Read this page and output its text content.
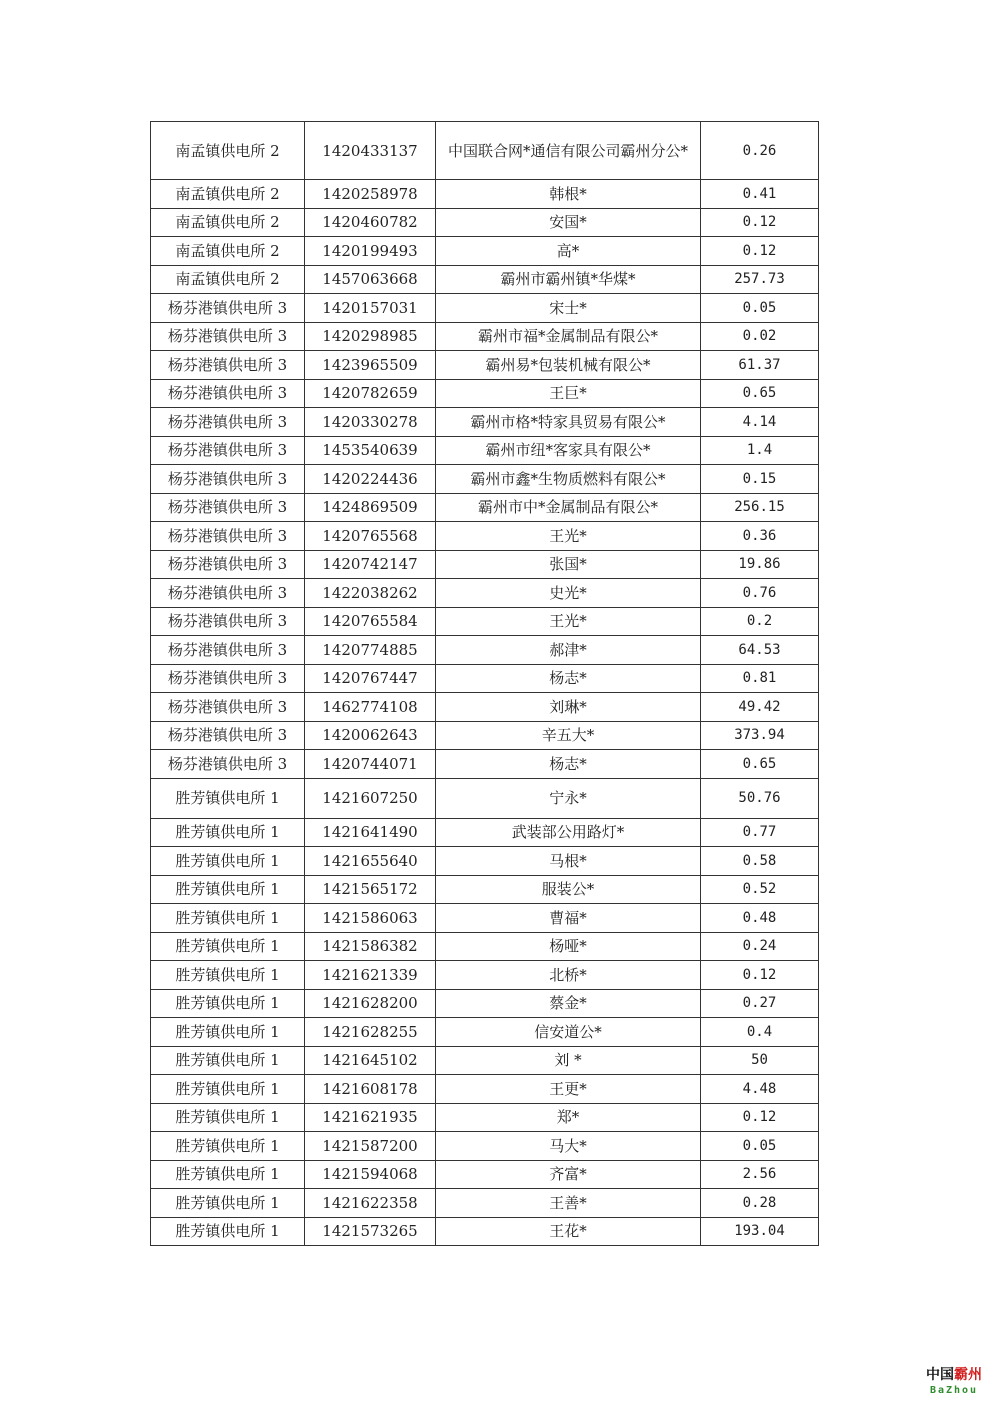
南孟镇供电所 2	1420433137	中国联合网*通信有限公司霸州分公*	0.26
南孟镇供电所 2	1420258978	韩根*	0.41
南孟镇供电所 2	1420460782	安国*	0.12
南孟镇供电所 2	1420199493	高*	0.12
南孟镇供电所 2	1457063668	霸州市霸州镇*华煤*	257.73
杨芬港镇供电所 3	1420157031	宋士*	0.05
杨芬港镇供电所 3	1420298985	霸州市福*金属制品有限公*	0.02
杨芬港镇供电所 3	1423965509	霸州易*包装机械有限公*	61.37
杨芬港镇供电所 3	1420782659	王巨*	0.65
杨芬港镇供电所 3	1420330278	霸州市格*特家具贸易有限公*	4.14
杨芬港镇供电所 3	1453540639	霸州市纽*客家具有限公*	1.4
杨芬港镇供电所 3	1420224436	霸州市鑫*生物质燃料有限公*	0.15
杨芬港镇供电所 3	1424869509	霸州市中*金属制品有限公*	256.15
杨芬港镇供电所 3	1420765568	王光*	0.36
杨芬港镇供电所 3	1420742147	张国*	19.86
杨芬港镇供电所 3	1422038262	史光*	0.76
杨芬港镇供电所 3	1420765584	王光*	0.2
杨芬港镇供电所 3	1420774885	郝津*	64.53
杨芬港镇供电所 3	1420767447	杨志*	0.81
杨芬港镇供电所 3	1462774108	刘琳*	49.42
杨芬港镇供电所 3	1420062643	辛五大*	373.94
杨芬港镇供电所 3	1420744071	杨志*	0.65
胜芳镇供电所 1	1421607250	宁永*	50.76
胜芳镇供电所 1	1421641490	武装部公用路灯*	0.77
胜芳镇供电所 1	1421655640	马根*	0.58
胜芳镇供电所 1	1421565172	服装公*	0.52
胜芳镇供电所 1	1421586063	曹福*	0.48
胜芳镇供电所 1	1421586382	杨哑*	0.24
胜芳镇供电所 1	1421621339	北桥*	0.12
胜芳镇供电所 1	1421628200	蔡金*	0.27
胜芳镇供电所 1	1421628255	信安道公*	0.4
胜芳镇供电所 1	1421645102	刘 *	50
胜芳镇供电所 1	1421608178	王更*	4.48
胜芳镇供电所 1	1421621935	郑*	0.12
胜芳镇供电所 1	1421587200	马大*	0.05
胜芳镇供电所 1	1421594068	齐富*	2.56
胜芳镇供电所 1	1421622358	王善*	0.28
胜芳镇供电所 1	1421573265	王花*	193.04
中国霸州
BaZhou
